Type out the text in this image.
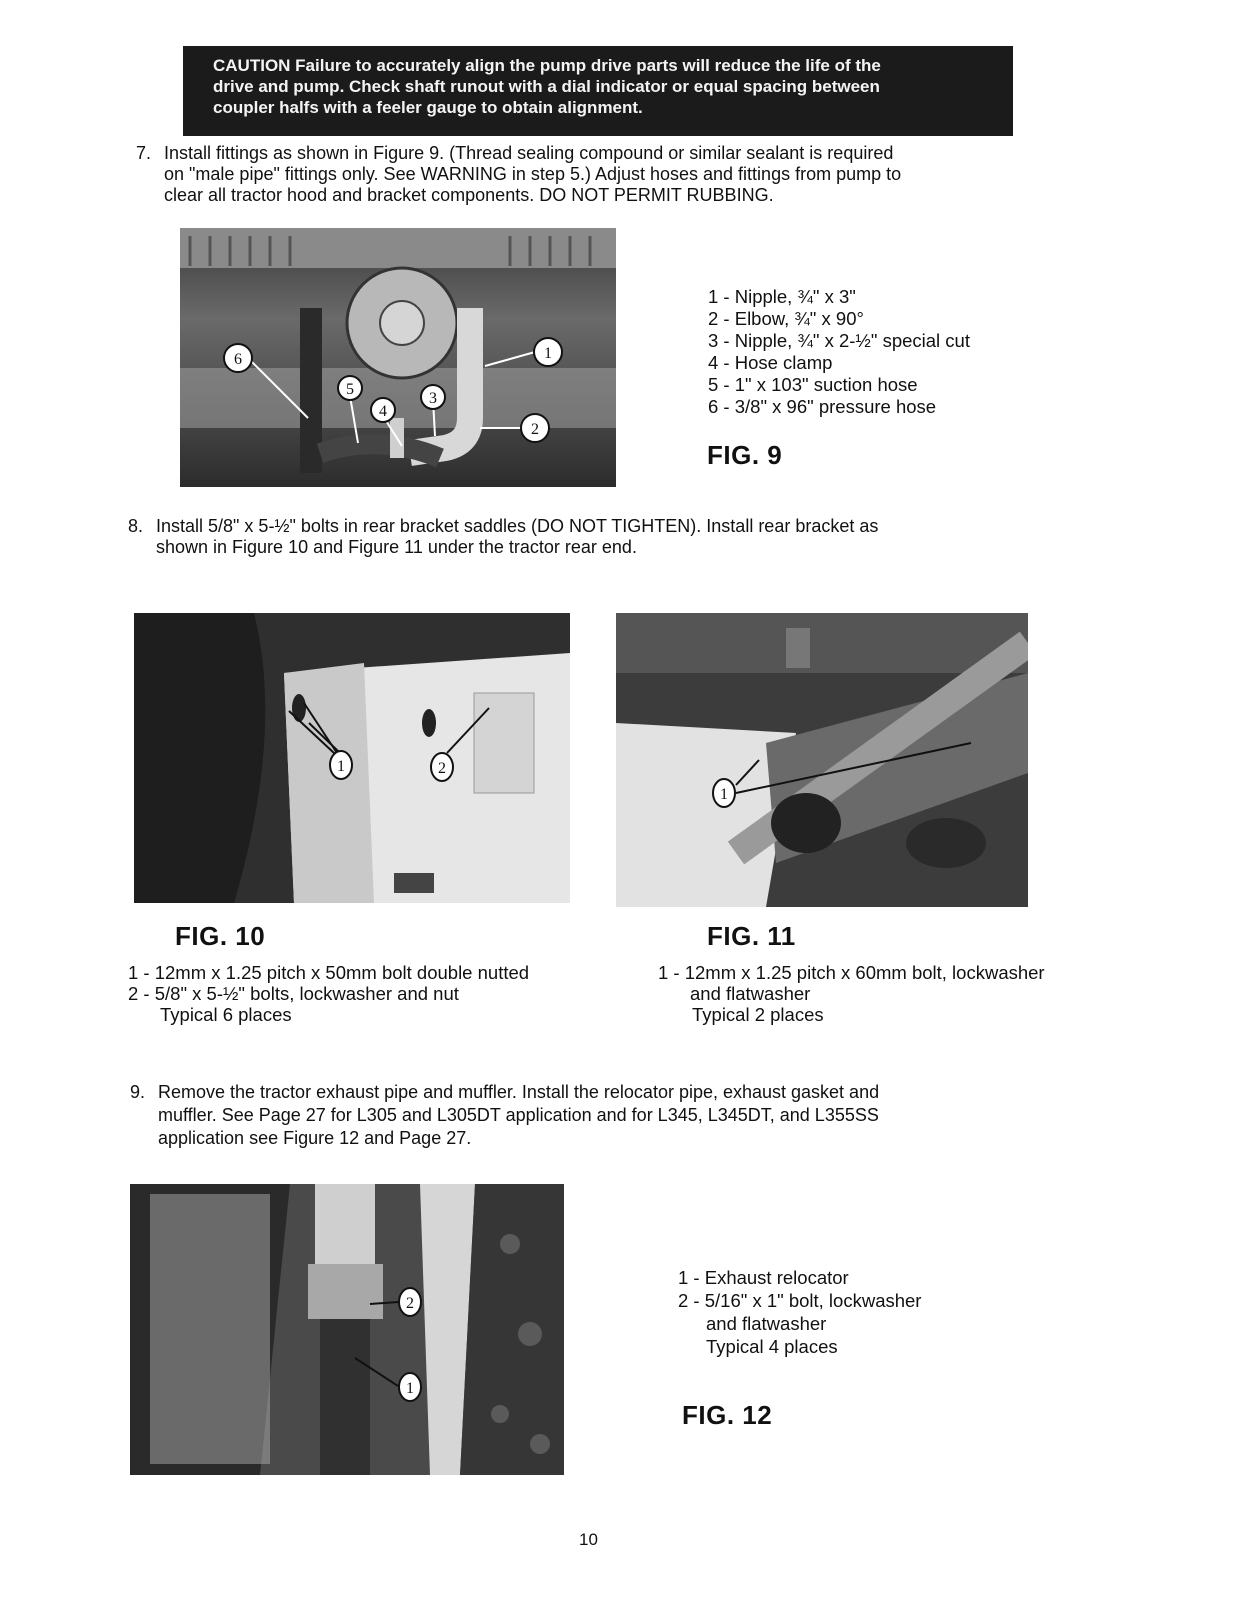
CAUTION Failure to accurately align the pump drive parts will reduce the life of the
drive and pump. Check shaft runout with a dial indicator or equal spacing between
coupler halfs with a feeler gauge to obtain alignment.
7. Install fittings as shown in Figure 9. (Thread sealing compound or similar sealant is required
on "male pipe" fittings only. See WARNING in step 5.) Adjust hoses and fittings from pump to
clear all tractor hood and bracket components. DO NOT PERMIT RUBBING.
6	1
2
5
4
3
1 - Nipple, ¾" x 3"
2 - Elbow, ¾" x 90°
3 - Nipple, ¾" x 2-½" special cut
4 - Hose clamp
5 - 1" x 103" suction hose
6 - 3/8" x 96" pressure hose
FIG. 9
8. Install 5/8" x 5-½" bolts in rear bracket saddles (DO NOT TIGHTEN). Install rear bracket as
shown in Figure 10 and Figure 11 under the tractor rear end.
1	2
1
FIG. 10
1 - 12mm x 1.25 pitch x 50mm bolt double nutted
2 - 5/8" x 5-½" bolts, lockwasher and nut
Typical 6 places
FIG. 11
1 - 12mm x 1.25 pitch x 60mm bolt, lockwasher
and flatwasher
Typical 2 places
9. Remove the tractor exhaust pipe and muffler. Install the relocator pipe, exhaust gasket and
muffler. See Page 27 for L305 and L305DT application and for L345, L345DT, and L355SS
application see Figure 12 and Page 27.
1
2
1 - Exhaust relocator
2 - 5/16" x 1" bolt, lockwasher
and flatwasher
Typical 4 places
FIG. 12
10
